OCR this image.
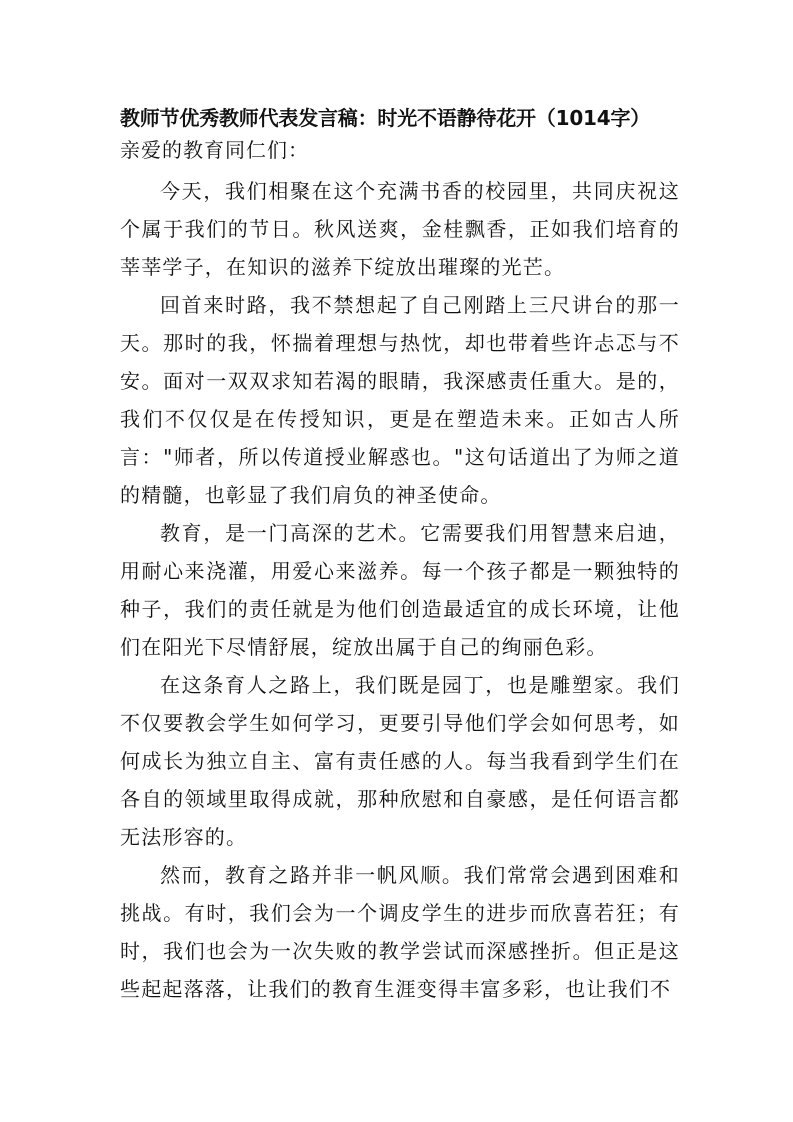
教师节优秀教师代表发言稿：时光不语静待花开（1014字）

亲爱的教育同仁们：

今天，我们相聚在这个充满书香的校园里，共同庆祝这个属于我们的节日。秋风送爽，金桂飘香，正如我们培育的莘莘学子，在知识的滋养下绽放出璀璨的光芒。

回首来时路，我不禁想起了自己刚踏上三尺讲台的那一天。那时的我，怀揣着理想与热忱，却也带着些许忐忑与不安。面对一双双求知若渴的眼睛，我深感责任重大。是的，我们不仅仅是在传授知识，更是在塑造未来。正如古人所言："师者，所以传道授业解惑也。"这句话道出了为师之道的精髓，也彰显了我们肩负的神圣使命。

教育，是一门高深的艺术。它需要我们用智慧来启迪，用耐心来浇灌，用爱心来滋养。每一个孩子都是一颗独特的种子，我们的责任就是为他们创造最适宜的成长环境，让他们在阳光下尽情舒展，绽放出属于自己的绚丽色彩。

在这条育人之路上，我们既是园丁，也是雕塑家。我们不仅要教会学生如何学习，更要引导他们学会如何思考，如何成长为独立自主、富有责任感的人。每当我看到学生们在各自的领域里取得成就，那种欣慰和自豪感，是任何语言都无法形容的。

然而，教育之路并非一帆风顺。我们常常会遇到困难和挑战。有时，我们会为一个调皮学生的进步而欣喜若狂；有时，我们也会为一次失败的教学尝试而深感挫折。但正是这些起起落落，让我们的教育生涯变得丰富多彩，也让我们不
